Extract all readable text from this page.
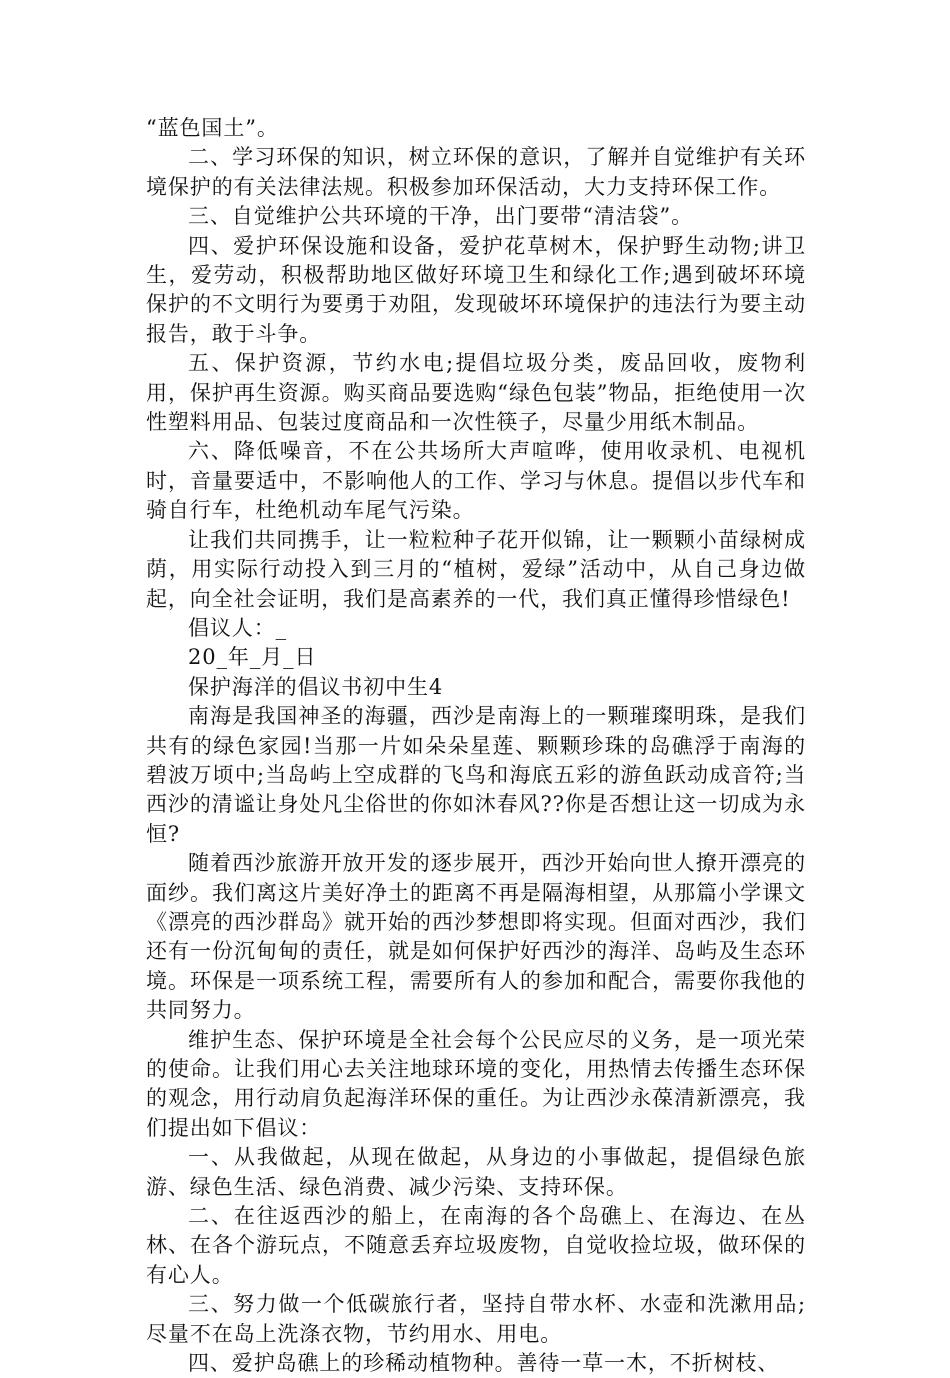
“蓝色国土”。

二、学习环保的知识，树立环保的意识，了解并自觉维护有关环境保护的有关法律法规。积极参加环保活动，大力支持环保工作。

三、自觉维护公共环境的干净，出门要带“清洁袋”。

四、爱护环保设施和设备，爱护花草树木，保护野生动物;讲卫生，爱劳动，积极帮助地区做好环境卫生和绿化工作;遇到破坏环境保护的不文明行为要勇于劝阻，发现破坏环境保护的违法行为要主动报告，敢于斗争。

五、保护资源，节约水电;提倡垃圾分类，废品回收，废物利用，保护再生资源。购买商品要选购“绿色包装”物品，拒绝使用一次性塑料用品、包装过度商品和一次性筷子，尽量少用纸木制品。

六、降低噪音，不在公共场所大声喧哗，使用收录机、电视机时，音量要适中，不影响他人的工作、学习与休息。提倡以步代车和骑自行车，杜绝机动车尾气污染。

让我们共同携手，让一粒粒种子花开似锦，让一颗颗小苗绿树成荫，用实际行动投入到三月的“植树，爱绿”活动中，从自己身边做起，向全社会证明，我们是高素养的一代，我们真正懂得珍惜绿色!

倡议人：_

20_年_月_日

保护海洋的倡议书初中生4

南海是我国神圣的海疆，西沙是南海上的一颗璀璨明珠，是我们共有的绿色家园!当那一片如朵朵星莲、颗颗珍珠的岛礁浮于南海的碧波万顷中;当岛屿上空成群的飞鸟和海底五彩的游鱼跃动成音符;当西沙的清谧让身处凡尘俗世的你如沐春风??你是否想让这一切成为永恒?

随着西沙旅游开放开发的逐步展开，西沙开始向世人撩开漂亮的面纱。我们离这片美好净土的距离不再是隔海相望，从那篇小学课文《漂亮的西沙群岛》就开始的西沙梦想即将实现。但面对西沙，我们还有一份沉甸甸的责任，就是如何保护好西沙的海洋、岛屿及生态环境。环保是一项系统工程，需要所有人的参加和配合，需要你我他的共同努力。

维护生态、保护环境是全社会每个公民应尽的义务，是一项光荣的使命。让我们用心去关注地球环境的变化，用热情去传播生态环保的观念，用行动肩负起海洋环保的重任。为让西沙永葆清新漂亮，我们提出如下倡议：

一、从我做起，从现在做起，从身边的小事做起，提倡绿色旅游、绿色生活、绿色消费、减少污染、支持环保。

二、在往返西沙的船上，在南海的各个岛礁上、在海边、在丛林、在各个游玩点，不随意丢弃垃圾废物，自觉收捡垃圾，做环保的有心人。

三、努力做一个低碳旅行者，坚持自带水杯、水壶和洗漱用品;尽量不在岛上洗涤衣物，节约用水、用电。

四、爱护岛礁上的珍稀动植物种。善待一草一木，不折树枝、
